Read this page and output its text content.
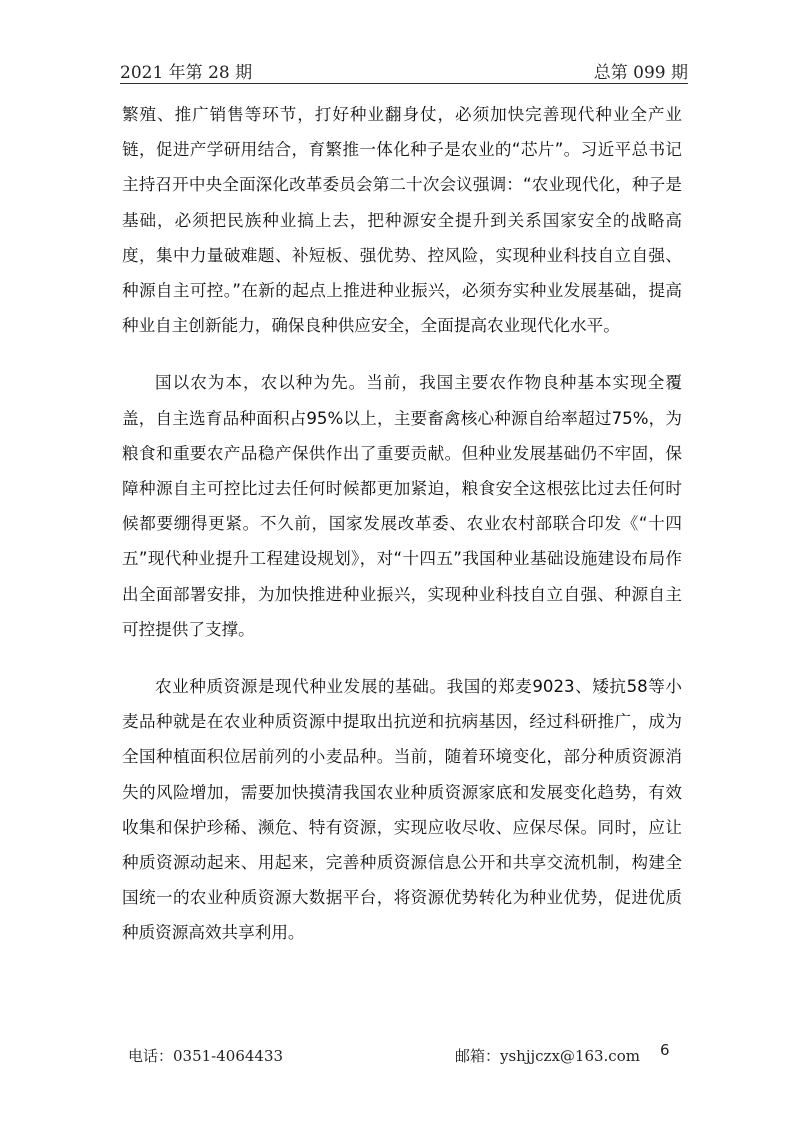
2021 年第 28 期	总第 099 期

繁殖、推广销售等环节，打好种业翻身仗，必须加快完善现代种业全产业链，促进产学研用结合，育繁推一体化种子是农业的“芯片”。习近平总书记主持召开中央全面深化改革委员会第二十次会议强调：“农业现代化，种子是基础，必须把民族种业搞上去，把种源安全提升到关系国家安全的战略高度，集中力量破难题、补短板、强优势、控风险，实现种业科技自立自强、种源自主可控。”在新的起点上推进种业振兴，必须夯实种业发展基础，提高种业自主创新能力，确保良种供应安全，全面提高农业现代化水平。

国以农为本，农以种为先。当前，我国主要农作物良种基本实现全覆盖，自主选育品种面积占95%以上，主要畜禽核心种源自给率超过75%，为粮食和重要农产品稳产保供作出了重要贡献。但种业发展基础仍不牢固，保障种源自主可控比过去任何时候都更加紧迫，粮食安全这根弦比过去任何时候都要绷得更紧。不久前，国家发展改革委、农业农村部联合印发《“十四五”现代种业提升工程建设规划》，对“十四五”我国种业基础设施建设布局作出全面部署安排，为加快推进种业振兴，实现种业科技自立自强、种源自主可控提供了支撑。

农业种质资源是现代种业发展的基础。我国的郑麦9023、矮抗58等小麦品种就是在农业种质资源中提取出抗逆和抗病基因，经过科研推广，成为全国种植面积位居前列的小麦品种。当前，随着环境变化，部分种质资源消失的风险增加，需要加快摸清我国农业种质资源家底和发展变化趋势，有效收集和保护珍稀、濒危、特有资源，实现应收尽收、应保尽保。同时，应让种质资源动起来、用起来，完善种质资源信息公开和共享交流机制，构建全国统一的农业种质资源大数据平台，将资源优势转化为种业优势，促进优质种质资源高效共享利用。

电话：0351-4064433	邮箱：yshjjczx@163.com 6
